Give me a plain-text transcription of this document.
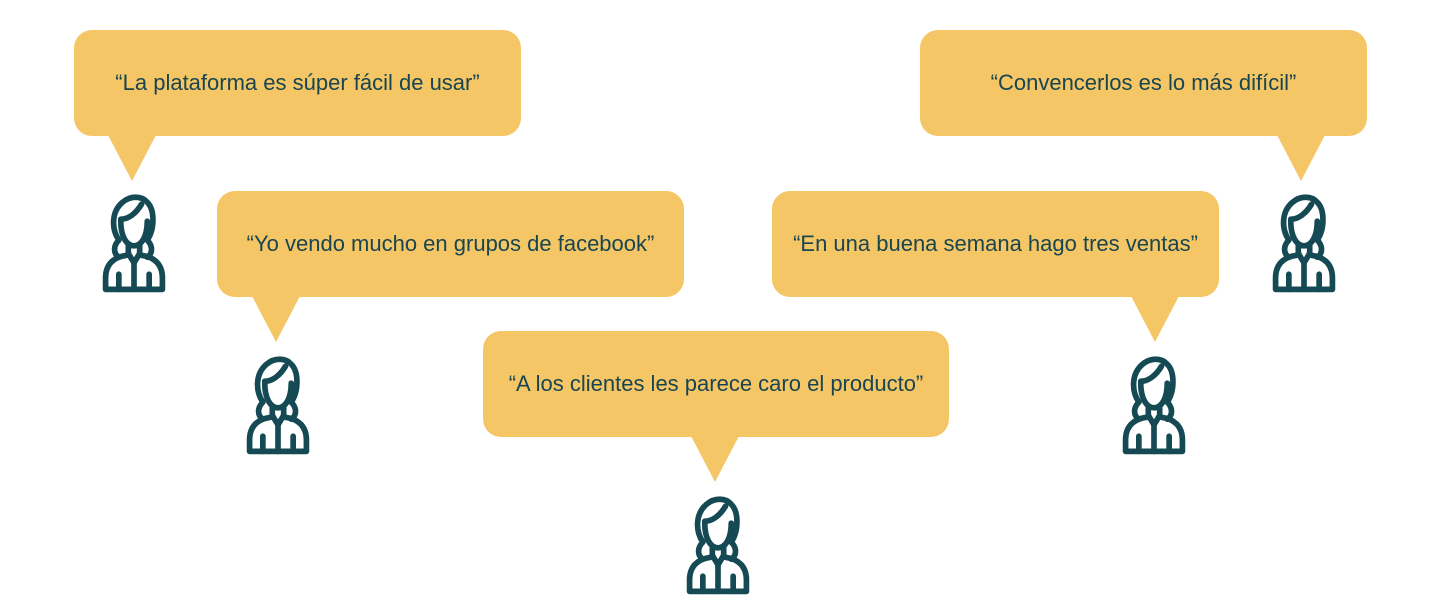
“La plataforma es súper fácil de usar”
“Yo vendo mucho en grupos de facebook”
“A los clientes les parece caro el producto”
“En una buena semana hago tres ventas”
“Convencerlos es lo más difícil”
